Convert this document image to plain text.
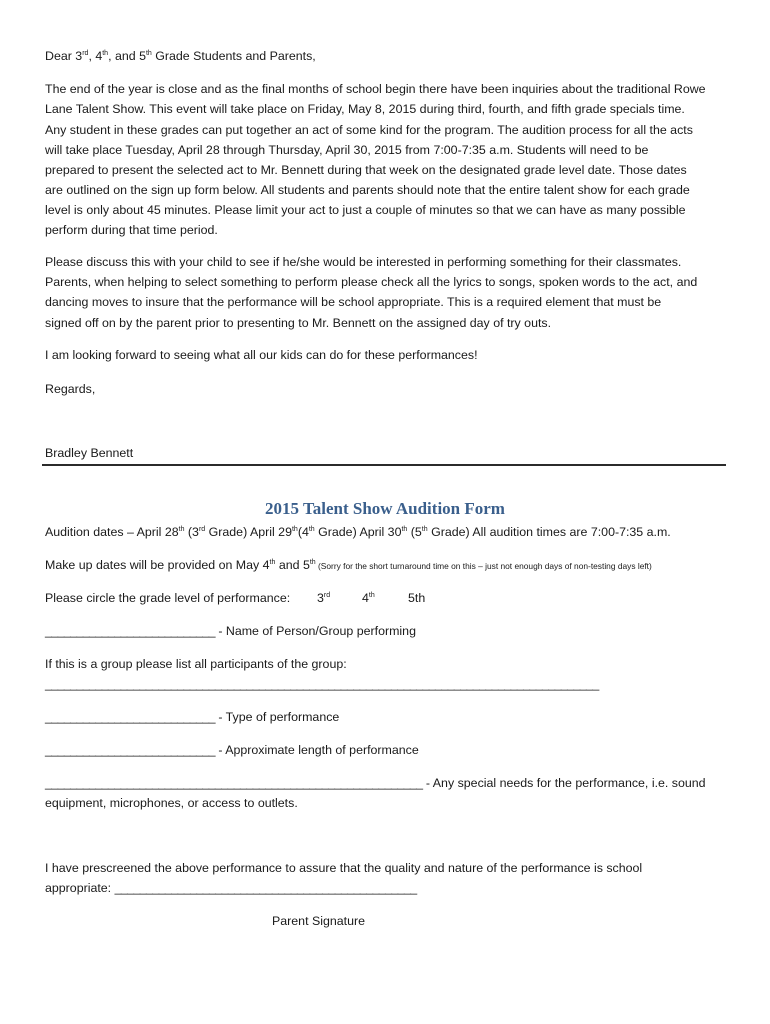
Dear 3rd, 4th, and 5th Grade Students and Parents,
The end of the year is close and as the final months of school begin there have been inquiries about the traditional Rowe
Lane Talent Show. This event will take place on Friday, May 8, 2015 during third, fourth, and fifth grade specials time.
Any student in these grades can put together an act of some kind for the program. The audition process for all the acts
will take place Tuesday, April 28 through Thursday, April 30, 2015 from 7:00-7:35 a.m. Students will need to be
prepared to present the selected act to Mr. Bennett during that week on the designated grade level date. Those dates
are outlined on the sign up form below. All students and parents should note that the entire talent show for each grade
level is only about 45 minutes. Please limit your act to just a couple of minutes so that we can have as many possible
perform during that time period.
Please discuss this with your child to see if he/she would be interested in performing something for their classmates.
Parents, when helping to select something to perform please check all the lyrics to songs, spoken words to the act, and
dancing moves to insure that the performance will be school appropriate. This is a required element that must be
signed off on by the parent prior to presenting to Mr. Bennett on the assigned day of try outs.
I am looking forward to seeing what all our kids can do for these performances!
Regards,
Bradley Bennett
2015 Talent Show Audition Form
Audition dates – April 28th (3rd Grade) April 29th(4th Grade) April 30th (5th Grade) All audition times are 7:00-7:35 a.m.
Make up dates will be provided on May 4th and 5th (Sorry for the short turnaround time on this – just not enough days of non-testing days left)
Please circle the grade level of performance: 3rd	4th	5th
___________________________ - Name of Person/Group performing
If this is a group please list all participants of the group:
________________________________________________________________________________________
___________________________ - Type of performance
___________________________ - Approximate length of performance
____________________________________________________________ - Any special needs for the performance, i.e. sound
equipment, microphones, or access to outlets.
I have prescreened the above performance to assure that the quality and nature of the performance is school
appropriate: ________________________________________________
Parent Signature
